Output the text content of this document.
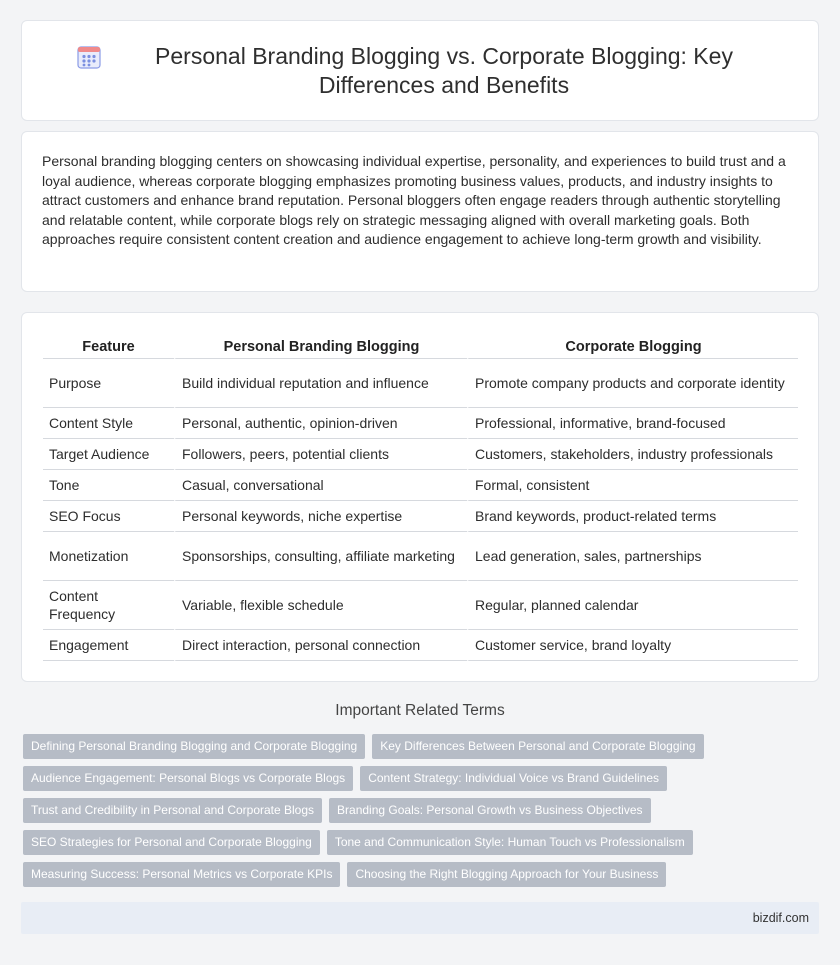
Personal Branding Blogging vs. Corporate Blogging: Key Differences and Benefits

Personal branding blogging centers on showcasing individual expertise, personality, and experiences to build trust and a loyal audience, whereas corporate blogging emphasizes promoting business values, products, and industry insights to attract customers and enhance brand reputation. Personal bloggers often engage readers through authentic storytelling and relatable content, while corporate blogs rely on strategic messaging aligned with overall marketing goals. Both approaches require consistent content creation and audience engagement to achieve long-term growth and visibility.

Feature	Personal Branding Blogging	Corporate Blogging
Purpose	Build individual reputation and influence	Promote company products and corporate identity
Content Style	Personal, authentic, opinion-driven	Professional, informative, brand-focused
Target Audience	Followers, peers, potential clients	Customers, stakeholders, industry professionals
Tone	Casual, conversational	Formal, consistent
SEO Focus	Personal keywords, niche expertise	Brand keywords, product-related terms
Monetization	Sponsorships, consulting, affiliate marketing	Lead generation, sales, partnerships
Content Frequency	Variable, flexible schedule	Regular, planned calendar
Engagement	Direct interaction, personal connection	Customer service, brand loyalty
Important Related Terms
Defining Personal Branding Blogging and Corporate Blogging	Key Differences Between Personal and Corporate Blogging
Audience Engagement: Personal Blogs vs Corporate Blogs	Content Strategy: Individual Voice vs Brand Guidelines
Trust and Credibility in Personal and Corporate Blogs	Branding Goals: Personal Growth vs Business Objectives
SEO Strategies for Personal and Corporate Blogging	Tone and Communication Style: Human Touch vs Professionalism
Measuring Success: Personal Metrics vs Corporate KPIs	Choosing the Right Blogging Approach for Your Business
bizdif.com
